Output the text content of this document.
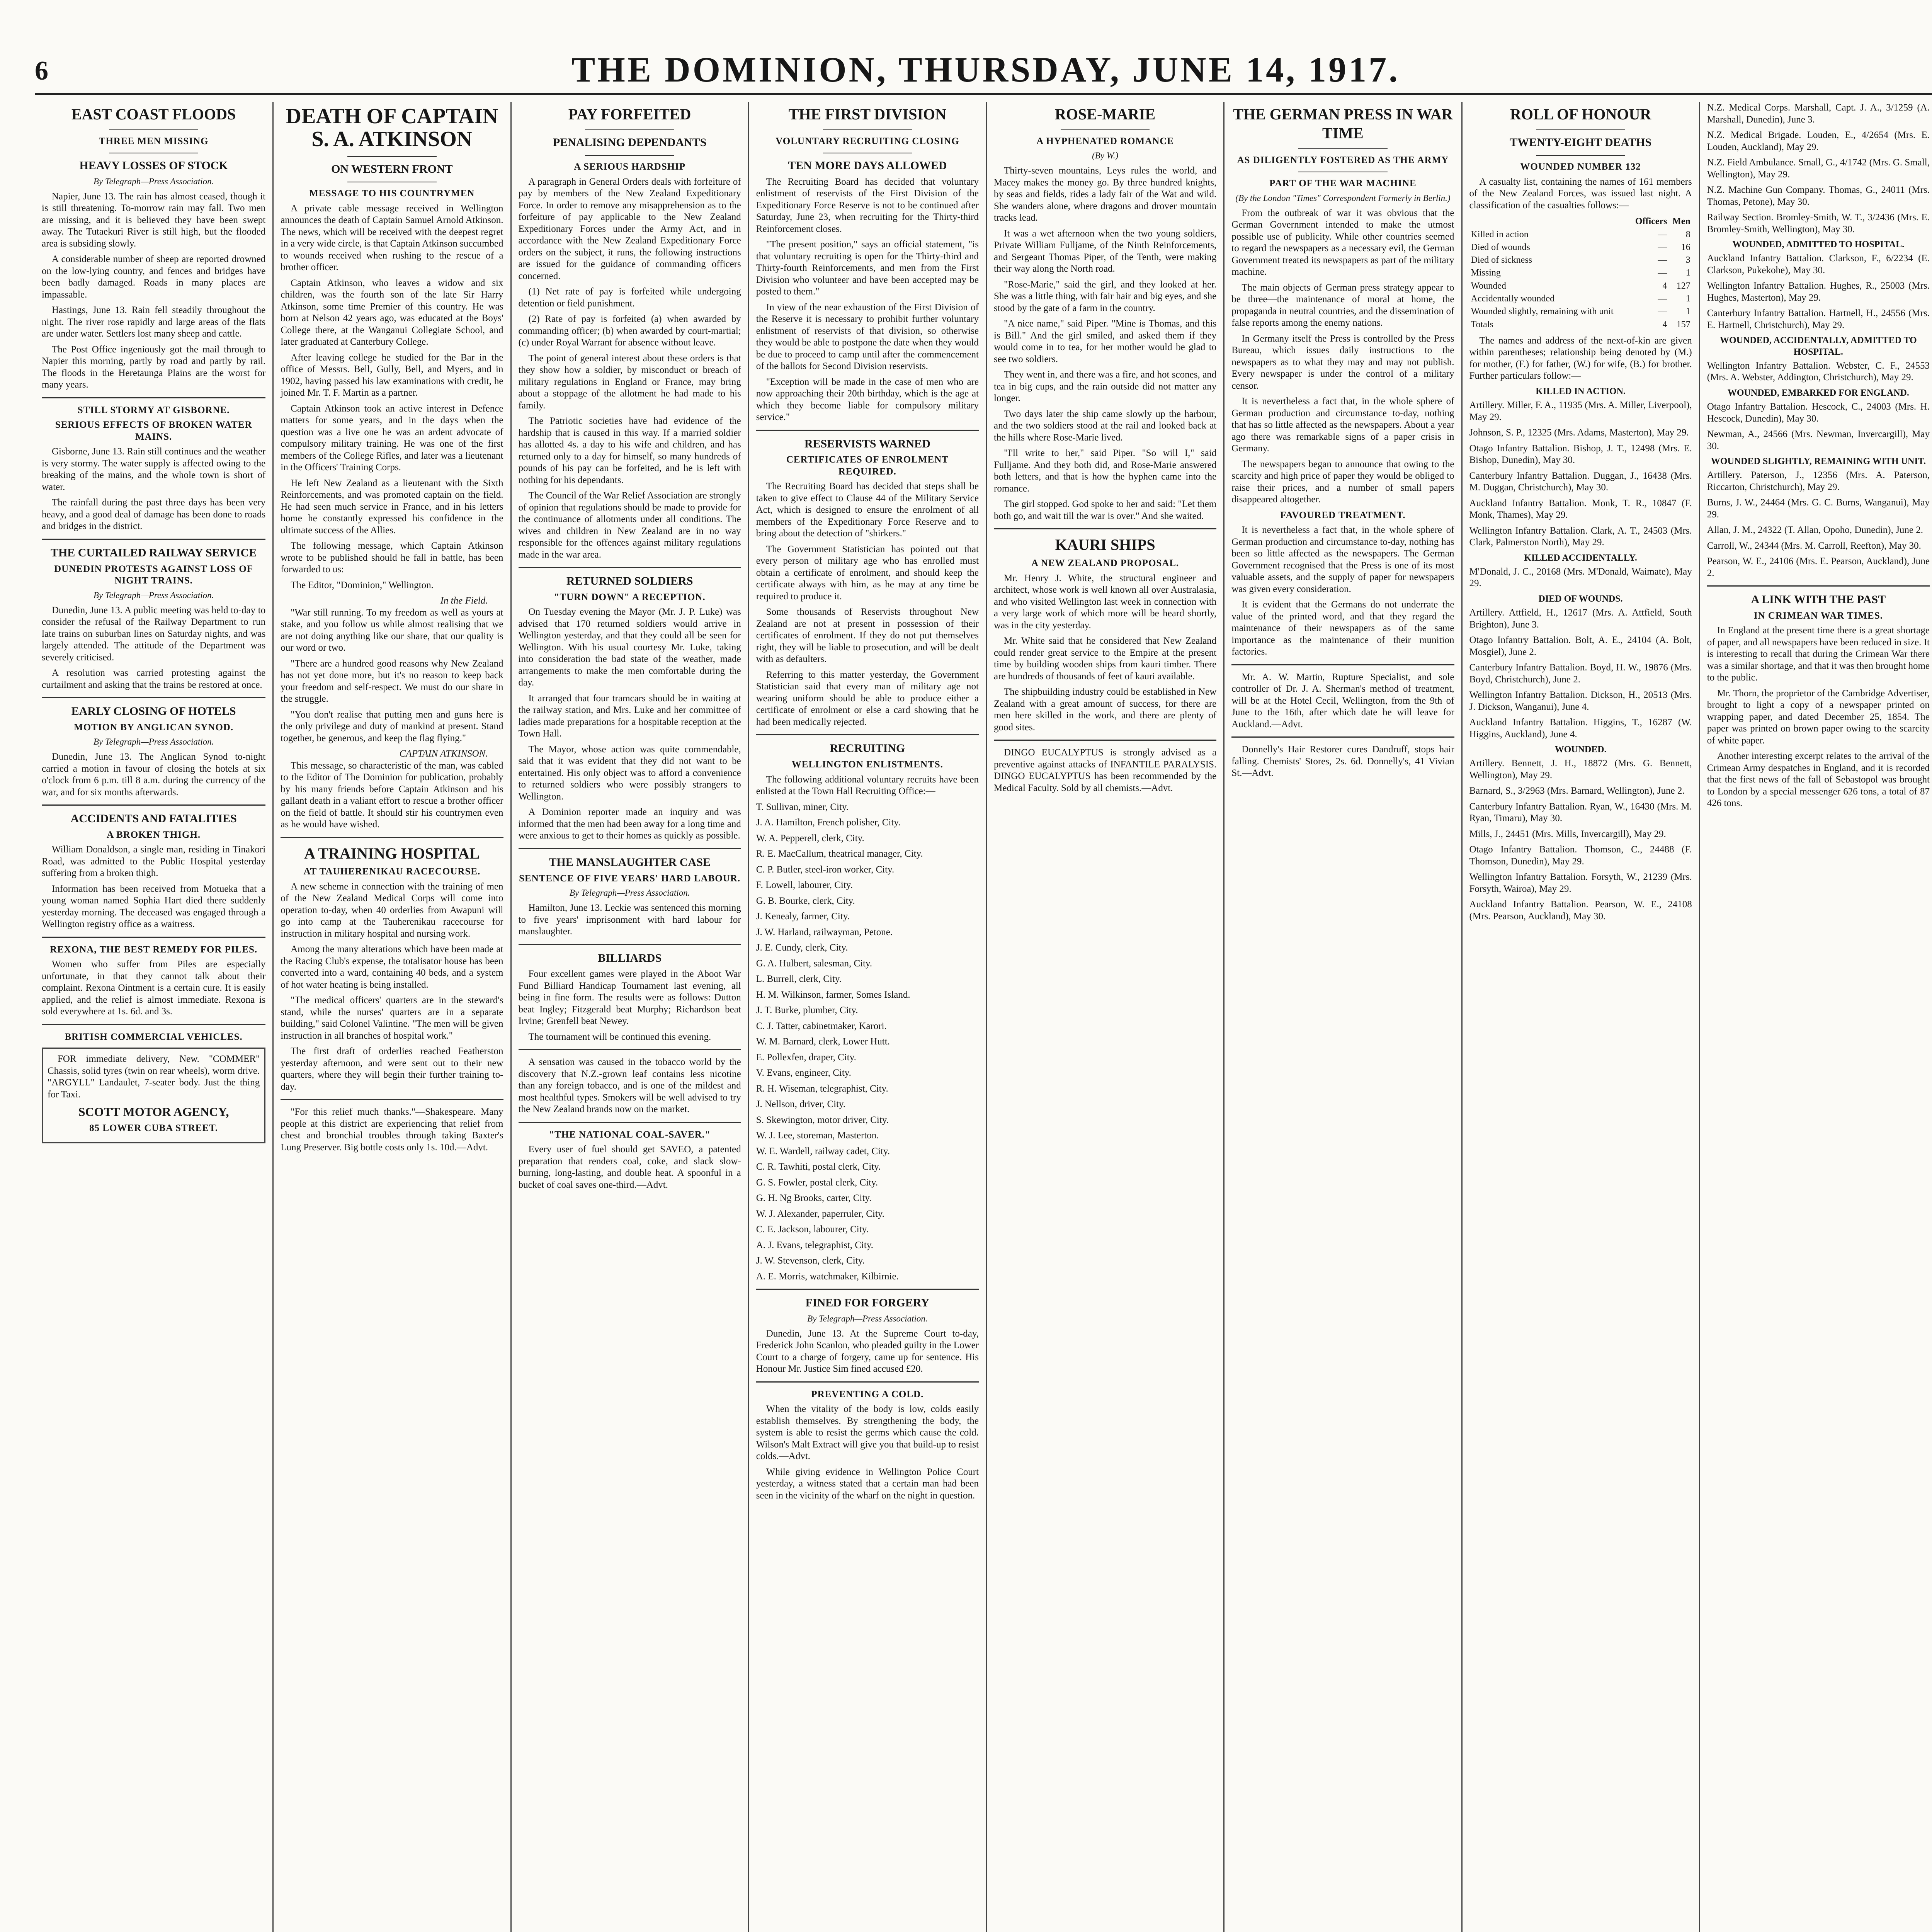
6	THE DOMINION, THURSDAY, JUNE 14, 1917.
EAST COAST FLOODS
THREE MEN MISSING
HEAVY LOSSES OF STOCK
By Telegraph—Press Association.

Napier, June 13. The rain has almost ceased, though it is still threatening. To-morrow rain may fall. Two men are missing, and it is believed they have been swept away. The Tutaekuri River is still high, but the flooded area is subsiding slowly.

A considerable number of sheep are reported drowned on the low-lying country, and fences and bridges have been badly damaged. Roads in many places are impassable.

Hastings, June 13. Rain fell steadily throughout the night. The river rose rapidly and large areas of the flats are under water. Settlers lost many sheep and cattle.

The Post Office ingeniously got the mail through to Napier this morning, partly by road and partly by rail. The floods in the Heretaunga Plains are the worst for many years.

STILL STORMY AT GISBORNE.
SERIOUS EFFECTS OF BROKEN WATER MAINS.

Gisborne, June 13. Rain still continues and the weather is very stormy. The water supply is affected owing to the breaking of the mains, and the whole town is short of water.

The rainfall during the past three days has been very heavy, and a good deal of damage has been done to roads and bridges in the district.

THE CURTAILED RAILWAY SERVICE
DUNEDIN PROTESTS AGAINST LOSS OF NIGHT TRAINS.
By Telegraph—Press Association.

Dunedin, June 13. A public meeting was held to-day to consider the refusal of the Railway Department to run late trains on suburban lines on Saturday nights, and was largely attended. The attitude of the Department was severely criticised.

A resolution was carried protesting against the curtailment and asking that the trains be restored at once.

EARLY CLOSING OF HOTELS
MOTION BY ANGLICAN SYNOD.
By Telegraph—Press Association.

Dunedin, June 13. The Anglican Synod to-night carried a motion in favour of closing the hotels at six o'clock from 6 p.m. till 8 a.m. during the currency of the war, and for six months afterwards.

ACCIDENTS AND FATALITIES
A BROKEN THIGH.

William Donaldson, a single man, residing in Tinakori Road, was admitted to the Public Hospital yesterday suffering from a broken thigh.

Information has been received from Motueka that a young woman named Sophia Hart died there suddenly yesterday morning. The deceased was engaged through a Wellington registry office as a waitress.

REXONA, THE BEST REMEDY FOR PILES.

Women who suffer from Piles are especially unfortunate, in that they cannot talk about their complaint. Rexona Ointment is a certain cure. It is easily applied, and the relief is almost immediate. Rexona is sold everywhere at 1s. 6d. and 3s.

BRITISH COMMERCIAL VEHICLES.

FOR immediate delivery, New. "COMMER" Chassis, solid tyres (twin on rear wheels), worm drive. "ARGYLL" Landaulet, 7-seater body. Just the thing for Taxi.

SCOTT MOTOR AGENCY,
85 LOWER CUBA STREET.
DEATH OF CAPTAIN S. A. ATKINSON
ON WESTERN FRONT
MESSAGE TO HIS COUNTRYMEN

A private cable message received in Wellington announces the death of Captain Samuel Arnold Atkinson. The news, which will be received with the deepest regret in a very wide circle, is that Captain Atkinson succumbed to wounds received when rushing to the rescue of a brother officer.

Captain Atkinson, who leaves a widow and six children, was the fourth son of the late Sir Harry Atkinson, some time Premier of this country. He was born at Nelson 42 years ago, was educated at the Boys' College there, at the Wanganui Collegiate School, and later graduated at Canterbury College.

After leaving college he studied for the Bar in the office of Messrs. Bell, Gully, Bell, and Myers, and in 1902, having passed his law examinations with credit, he joined Mr. T. F. Martin as a partner.

Captain Atkinson took an active interest in Defence matters for some years, and in the days when the question was a live one he was an ardent advocate of compulsory military training. He was one of the first members of the College Rifles, and later was a lieutenant in the Officers' Training Corps.

He left New Zealand as a lieutenant with the Sixth Reinforcements, and was promoted captain on the field. He had seen much service in France, and in his letters home he constantly expressed his confidence in the ultimate success of the Allies.

The following message, which Captain Atkinson wrote to be published should he fall in battle, has been forwarded to us:

The Editor, "Dominion," Wellington.

In the Field.

"War still running. To my freedom as well as yours at stake, and you follow us while almost realising that we are not doing anything like our share, that our quality is our word or two.

"There are a hundred good reasons why New Zealand has not yet done more, but it's no reason to keep back your freedom and self-respect. We must do our share in the struggle.

"You don't realise that putting men and guns here is the only privilege and duty of mankind at present. Stand together, be generous, and keep the flag flying."

CAPTAIN ATKINSON.

This message, so characteristic of the man, was cabled to the Editor of The Dominion for publication, probably by his many friends before Captain Atkinson and his gallant death in a valiant effort to rescue a brother officer on the field of battle. It should stir his countrymen even as he would have wished.

A TRAINING HOSPITAL
AT TAUHERENIKAU RACECOURSE.

A new scheme in connection with the training of men of the New Zealand Medical Corps will come into operation to-day, when 40 orderlies from Awapuni will go into camp at the Tauherenikau racecourse for instruction in military hospital and nursing work.

Among the many alterations which have been made at the Racing Club's expense, the totalisator house has been converted into a ward, containing 40 beds, and a system of hot water heating is being installed.

"The medical officers' quarters are in the steward's stand, while the nurses' quarters are in a separate building," said Colonel Valintine. "The men will be given instruction in all branches of hospital work."

The first draft of orderlies reached Featherston yesterday afternoon, and were sent out to their new quarters, where they will begin their further training to-day.

"For this relief much thanks."—Shakespeare. Many people at this district are experiencing that relief from chest and bronchial troubles through taking Baxter's Lung Preserver. Big bottle costs only 1s. 10d.—Advt.

PAY FORFEITED
PENALISING DEPENDANTS
A SERIOUS HARDSHIP

A paragraph in General Orders deals with forfeiture of pay by members of the New Zealand Expeditionary Force. In order to remove any misapprehension as to the forfeiture of pay applicable to the New Zealand Expeditionary Forces under the Army Act, and in accordance with the New Zealand Expeditionary Force orders on the subject, it runs, the following instructions are issued for the guidance of commanding officers concerned.

(1) Net rate of pay is forfeited while undergoing detention or field punishment.

(2) Rate of pay is forfeited (a) when awarded by commanding officer; (b) when awarded by court-martial; (c) under Royal Warrant for absence without leave.

The point of general interest about these orders is that they show how a soldier, by misconduct or breach of military regulations in England or France, may bring about a stoppage of the allotment he had made to his family.

The Patriotic societies have had evidence of the hardship that is caused in this way. If a married soldier has allotted 4s. a day to his wife and children, and has returned only to a day for himself, so many hundreds of pounds of his pay can be forfeited, and he is left with nothing for his dependants.

The Council of the War Relief Association are strongly of opinion that regulations should be made to provide for the continuance of allotments under all conditions. The wives and children in New Zealand are in no way responsible for the offences against military regulations made in the war area.

RETURNED SOLDIERS
"TURN DOWN" A RECEPTION.

On Tuesday evening the Mayor (Mr. J. P. Luke) was advised that 170 returned soldiers would arrive in Wellington yesterday, and that they could all be seen for Wellington. With his usual courtesy Mr. Luke, taking into consideration the bad state of the weather, made arrangements to make the men comfortable during the day.

It arranged that four tramcars should be in waiting at the railway station, and Mrs. Luke and her committee of ladies made preparations for a hospitable reception at the Town Hall.

The Mayor, whose action was quite commendable, said that it was evident that they did not want to be entertained. His only object was to afford a convenience to returned soldiers who were possibly strangers to Wellington.

A Dominion reporter made an inquiry and was informed that the men had been away for a long time and were anxious to get to their homes as quickly as possible.

THE MANSLAUGHTER CASE
SENTENCE OF FIVE YEARS' HARD LABOUR.
By Telegraph—Press Association.

Hamilton, June 13. Leckie was sentenced this morning to five years' imprisonment with hard labour for manslaughter.

BILLIARDS

Four excellent games were played in the Aboot War Fund Billiard Handicap Tournament last evening, all being in fine form. The results were as follows: Dutton beat Ingley; Fitzgerald beat Murphy; Richardson beat Irvine; Grenfell beat Newey.

The tournament will be continued this evening.

A sensation was caused in the tobacco world by the discovery that N.Z.-grown leaf contains less nicotine than any foreign tobacco, and is one of the mildest and most healthful types. Smokers will be well advised to try the New Zealand brands now on the market.

"THE NATIONAL COAL-SAVER."

Every user of fuel should get SAVEO, a patented preparation that renders coal, coke, and slack slow-burning, long-lasting, and double heat. A spoonful in a bucket of coal saves one-third.—Advt.

THE FIRST DIVISION
VOLUNTARY RECRUITING CLOSING
TEN MORE DAYS ALLOWED

The Recruiting Board has decided that voluntary enlistment of reservists of the First Division of the Expeditionary Force Reserve is not to be continued after Saturday, June 23, when recruiting for the Thirty-third Reinforcement closes.

"The present position," says an official statement, "is that voluntary recruiting is open for the Thirty-third and Thirty-fourth Reinforcements, and men from the First Division who volunteer and have been accepted may be posted to them."

In view of the near exhaustion of the First Division of the Reserve it is necessary to prohibit further voluntary enlistment of reservists of that division, so otherwise they would be able to postpone the date when they would be due to proceed to camp until after the commencement of the ballots for Second Division reservists.

"Exception will be made in the case of men who are now approaching their 20th birthday, which is the age at which they become liable for compulsory military service."

RESERVISTS WARNED
CERTIFICATES OF ENROLMENT REQUIRED.

The Recruiting Board has decided that steps shall be taken to give effect to Clause 44 of the Military Service Act, which is designed to ensure the enrolment of all members of the Expeditionary Force Reserve and to bring about the detection of "shirkers."

The Government Statistician has pointed out that every person of military age who has enrolled must obtain a certificate of enrolment, and should keep the certificate always with him, as he may at any time be required to produce it.

Some thousands of Reservists throughout New Zealand are not at present in possession of their certificates of enrolment. If they do not put themselves right, they will be liable to prosecution, and will be dealt with as defaulters.

Referring to this matter yesterday, the Government Statistician said that every man of military age not wearing uniform should be able to produce either a certificate of enrolment or else a card showing that he had been medically rejected.

RECRUITING
WELLINGTON ENLISTMENTS.

The following additional voluntary recruits have been enlisted at the Town Hall Recruiting Office:—

T. Sullivan, miner, City.

J. A. Hamilton, French polisher, City.

W. A. Pepperell, clerk, City.

R. E. MacCallum, theatrical manager, City.

C. P. Butler, steel-iron worker, City.

F. Lowell, labourer, City.

G. B. Bourke, clerk, City.

J. Kenealy, farmer, City.

J. W. Harland, railwayman, Petone.

J. E. Cundy, clerk, City.

G. A. Hulbert, salesman, City.

L. Burrell, clerk, City.

H. M. Wilkinson, farmer, Somes Island.

J. T. Burke, plumber, City.

C. J. Tatter, cabinetmaker, Karori.

W. M. Barnard, clerk, Lower Hutt.

E. Pollexfen, draper, City.

V. Evans, engineer, City.

R. H. Wiseman, telegraphist, City.

J. Nellson, driver, City.

S. Skewington, motor driver, City.

W. J. Lee, storeman, Masterton.

W. E. Wardell, railway cadet, City.

C. R. Tawhiti, postal clerk, City.

G. S. Fowler, postal clerk, City.

G. H. Ng Brooks, carter, City.

W. J. Alexander, paperruler, City.

C. E. Jackson, labourer, City.

A. J. Evans, telegraphist, City.

J. W. Stevenson, clerk, City.

A. E. Morris, watchmaker, Kilbirnie.

FINED FOR FORGERY
By Telegraph—Press Association.

Dunedin, June 13. At the Supreme Court to-day, Frederick John Scanlon, who pleaded guilty in the Lower Court to a charge of forgery, came up for sentence. His Honour Mr. Justice Sim fined accused £20.

PREVENTING A COLD.

When the vitality of the body is low, colds easily establish themselves. By strengthening the body, the system is able to resist the germs which cause the cold. Wilson's Malt Extract will give you that build-up to resist colds.—Advt.

While giving evidence in Wellington Police Court yesterday, a witness stated that a certain man had been seen in the vicinity of the wharf on the night in question.

ROSE-MARIE
A HYPHENATED ROMANCE
(By W.)

Thirty-seven mountains, Leys rules the world, and Macey makes the money go. By three hundred knights, by seas and fields, rides a lady fair of the Wat and wild. She wanders alone, where dragons and drover mountain tracks lead.

It was a wet afternoon when the two young soldiers, Private William Fulljame, of the Ninth Reinforcements, and Sergeant Thomas Piper, of the Tenth, were making their way along the North road.

"Rose-Marie," said the girl, and they looked at her. She was a little thing, with fair hair and big eyes, and she stood by the gate of a farm in the country.

"A nice name," said Piper. "Mine is Thomas, and this is Bill." And the girl smiled, and asked them if they would come in to tea, for her mother would be glad to see two soldiers.

They went in, and there was a fire, and hot scones, and tea in big cups, and the rain outside did not matter any longer.

Two days later the ship came slowly up the harbour, and the two soldiers stood at the rail and looked back at the hills where Rose-Marie lived.

"I'll write to her," said Piper. "So will I," said Fulljame. And they both did, and Rose-Marie answered both letters, and that is how the hyphen came into the romance.

The girl stopped. God spoke to her and said: "Let them both go, and wait till the war is over." And she waited.

KAURI SHIPS
A NEW ZEALAND PROPOSAL.

Mr. Henry J. White, the structural engineer and architect, whose work is well known all over Australasia, and who visited Wellington last week in connection with a very large work of which more will be heard shortly, was in the city yesterday.

Mr. White said that he considered that New Zealand could render great service to the Empire at the present time by building wooden ships from kauri timber. There are hundreds of thousands of feet of kauri available.

The shipbuilding industry could be established in New Zealand with a great amount of success, for there are men here skilled in the work, and there are plenty of good sites.

DINGO EUCALYPTUS is strongly advised as a preventive against attacks of INFANTILE PARALYSIS. DINGO EUCALYPTUS has been recommended by the Medical Faculty. Sold by all chemists.—Advt.

THE GERMAN PRESS IN WAR TIME
AS DILIGENTLY FOSTERED AS THE ARMY
PART OF THE WAR MACHINE
(By the London "Times" Correspondent Formerly in Berlin.)

From the outbreak of war it was obvious that the German Government intended to make the utmost possible use of publicity. While other countries seemed to regard the newspapers as a necessary evil, the German Government treated its newspapers as part of the military machine.

The main objects of German press strategy appear to be three—the maintenance of moral at home, the propaganda in neutral countries, and the dissemination of false reports among the enemy nations.

In Germany itself the Press is controlled by the Press Bureau, which issues daily instructions to the newspapers as to what they may and may not publish. Every newspaper is under the control of a military censor.

It is nevertheless a fact that, in the whole sphere of German production and circumstance to-day, nothing that has so little affected as the newspapers. About a year ago there was remarkable signs of a paper crisis in Germany.

The newspapers began to announce that owing to the scarcity and high price of paper they would be obliged to raise their prices, and a number of small papers disappeared altogether.

FAVOURED TREATMENT.

It is nevertheless a fact that, in the whole sphere of German production and circumstance to-day, nothing has been so little affected as the newspapers. The German Government recognised that the Press is one of its most valuable assets, and the supply of paper for newspapers was given every consideration.

It is evident that the Germans do not underrate the value of the printed word, and that they regard the maintenance of their newspapers as of the same importance as the maintenance of their munition factories.

Mr. A. W. Martin, Rupture Specialist, and sole controller of Dr. J. A. Sherman's method of treatment, will be at the Hotel Cecil, Wellington, from the 9th of June to the 16th, after which date he will leave for Auckland.—Advt.

Donnelly's Hair Restorer cures Dandruff, stops hair falling. Chemists' Stores, 2s. 6d. Donnelly's, 41 Vivian St.—Advt.

ROLL OF HONOUR
TWENTY-EIGHT DEATHS
WOUNDED NUMBER 132

A casualty list, containing the names of 161 members of the New Zealand Forces, was issued last night. A classification of the casualties follows:—

	Officers	Men
Killed in action	—	8
Died of wounds	—	16
Died of sickness	—	3
Missing	—	1
Wounded	4	127
Accidentally wounded	—	1
Wounded slightly, remaining with unit	—	1
Totals	4	157

The names and address of the next-of-kin are given within parentheses; relationship being denoted by (M.) for mother, (F.) for father, (W.) for wife, (B.) for brother. Further particulars follow:—

KILLED IN ACTION.

Artillery. Miller, F. A., 11935 (Mrs. A. Miller, Liverpool), May 29.

Johnson, S. P., 12325 (Mrs. Adams, Masterton), May 29.

Otago Infantry Battalion. Bishop, J. T., 12498 (Mrs. E. Bishop, Dunedin), May 30.

Canterbury Infantry Battalion. Duggan, J., 16438 (Mrs. M. Duggan, Christchurch), May 30.

Auckland Infantry Battalion. Monk, T. R., 10847 (F. Monk, Thames), May 29.

Wellington Infantry Battalion. Clark, A. T., 24503 (Mrs. Clark, Palmerston North), May 29.

KILLED ACCIDENTALLY.

M'Donald, J. C., 20168 (Mrs. M'Donald, Waimate), May 29.

DIED OF WOUNDS.

Artillery. Attfield, H., 12617 (Mrs. A. Attfield, South Brighton), June 3.

Otago Infantry Battalion. Bolt, A. E., 24104 (A. Bolt, Mosgiel), June 2.

Canterbury Infantry Battalion. Boyd, H. W., 19876 (Mrs. Boyd, Christchurch), June 2.

Wellington Infantry Battalion. Dickson, H., 20513 (Mrs. J. Dickson, Wanganui), June 4.

Auckland Infantry Battalion. Higgins, T., 16287 (W. Higgins, Auckland), June 4.

WOUNDED.

Artillery. Bennett, J. H., 18872 (Mrs. G. Bennett, Wellington), May 29.

Barnard, S., 3/2963 (Mrs. Barnard, Wellington), June 2.

Canterbury Infantry Battalion. Ryan, W., 16430 (Mrs. M. Ryan, Timaru), May 30.

Mills, J., 24451 (Mrs. Mills, Invercargill), May 29.

Otago Infantry Battalion. Thomson, C., 24488 (F. Thomson, Dunedin), May 29.

Wellington Infantry Battalion. Forsyth, W., 21239 (Mrs. Forsyth, Wairoa), May 29.

Auckland Infantry Battalion. Pearson, W. E., 24108 (Mrs. Pearson, Auckland), May 30.

N.Z. Medical Corps. Marshall, Capt. J. A., 3/1259 (A. Marshall, Dunedin), June 3.

N.Z. Medical Brigade. Louden, E., 4/2654 (Mrs. E. Louden, Auckland), May 29.

N.Z. Field Ambulance. Small, G., 4/1742 (Mrs. G. Small, Wellington), May 29.

N.Z. Machine Gun Company. Thomas, G., 24011 (Mrs. Thomas, Petone), May 30.

Railway Section. Bromley-Smith, W. T., 3/2436 (Mrs. E. Bromley-Smith, Wellington), May 30.

WOUNDED, ADMITTED TO HOSPITAL.

Auckland Infantry Battalion. Clarkson, F., 6/2234 (E. Clarkson, Pukekohe), May 30.

Wellington Infantry Battalion. Hughes, R., 25003 (Mrs. Hughes, Masterton), May 29.

Canterbury Infantry Battalion. Hartnell, H., 24556 (Mrs. E. Hartnell, Christchurch), May 29.

WOUNDED, ACCIDENTALLY, ADMITTED TO HOSPITAL.

Wellington Infantry Battalion. Webster, C. F., 24553 (Mrs. A. Webster, Addington, Christchurch), May 29.

WOUNDED, EMBARKED FOR ENGLAND.

Otago Infantry Battalion. Hescock, C., 24003 (Mrs. H. Hescock, Dunedin), May 30.

Newman, A., 24566 (Mrs. Newman, Invercargill), May 30.

WOUNDED SLIGHTLY, REMAINING WITH UNIT.

Artillery. Paterson, J., 12356 (Mrs. A. Paterson, Riccarton, Christchurch), May 29.

Burns, J. W., 24464 (Mrs. G. C. Burns, Wanganui), May 29.

Allan, J. M., 24322 (T. Allan, Opoho, Dunedin), June 2.

Carroll, W., 24344 (Mrs. M. Carroll, Reefton), May 30.

Pearson, W. E., 24106 (Mrs. E. Pearson, Auckland), June 2.

A LINK WITH THE PAST
IN CRIMEAN WAR TIMES.

In England at the present time there is a great shortage of paper, and all newspapers have been reduced in size. It is interesting to recall that during the Crimean War there was a similar shortage, and that it was then brought home to the public.

Mr. Thorn, the proprietor of the Cambridge Advertiser, brought to light a copy of a newspaper printed on wrapping paper, and dated December 25, 1854. The paper was printed on brown paper owing to the scarcity of white paper.

Another interesting excerpt relates to the arrival of the Crimean Army despatches in England, and it is recorded that the first news of the fall of Sebastopol was brought to London by a special messenger 626 tons, a total of 87 426 tons.
